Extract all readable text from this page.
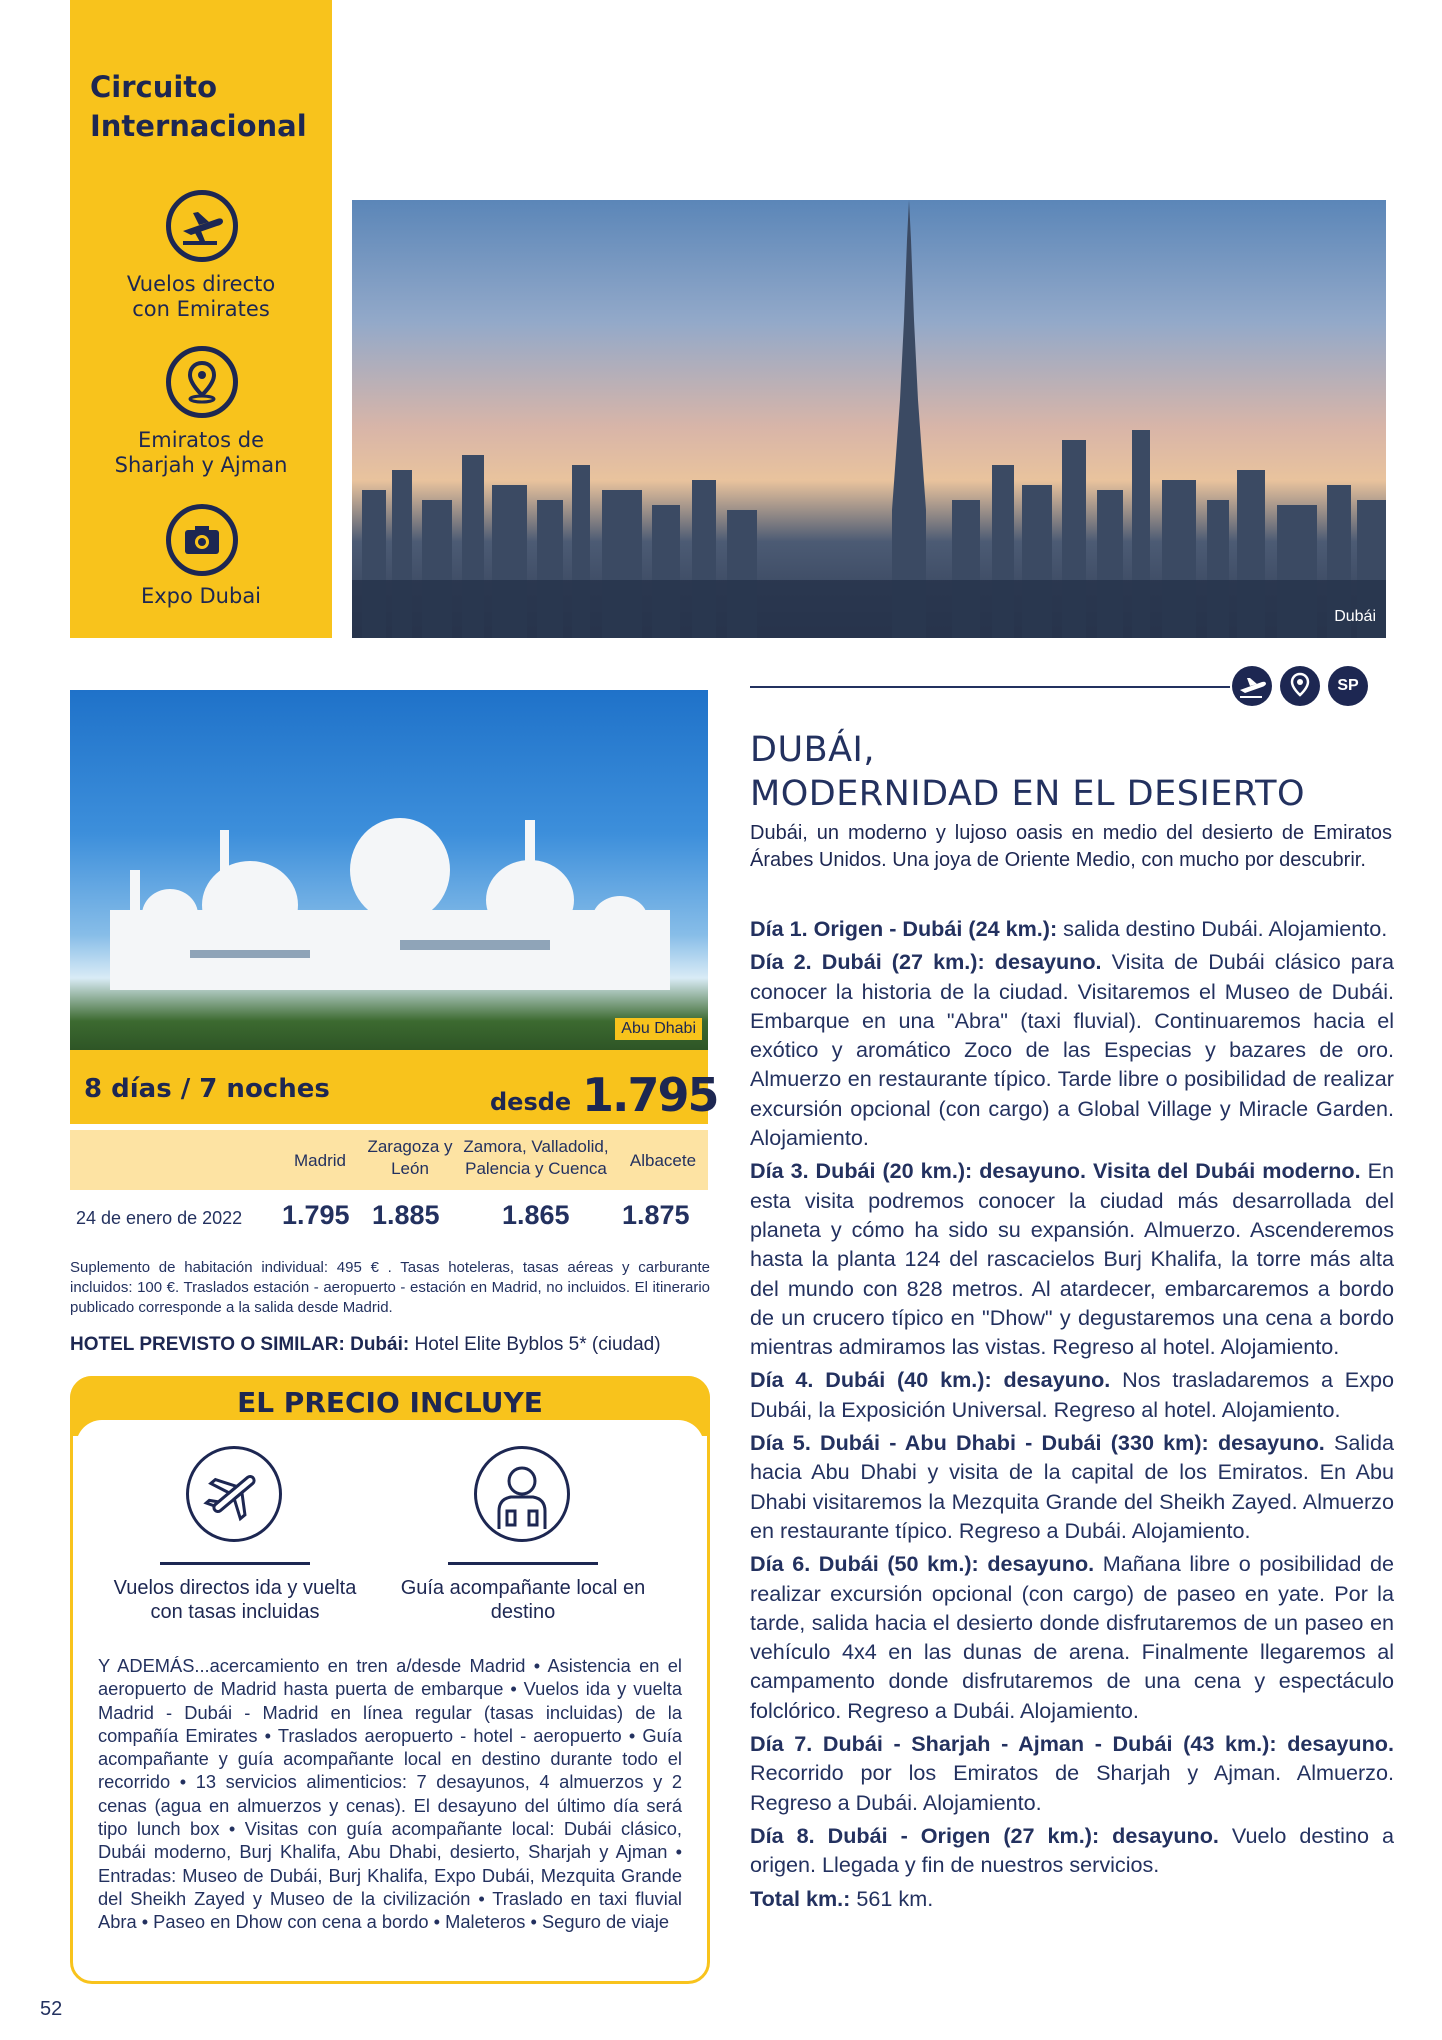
Circuito
Internacional
Vuelos directo
con Emirates
Emiratos de
Sharjah y Ajman
Expo Dubai
Dubái
Abu Dhabi
8 días / 7 noches	desde 1.795
Madrid
Zaragoza y
León
Zamora, Valladolid,
Palencia y Cuenca	Albacete
24 de enero de 2022 1.795 1.885 1.865 1.875
Suplemento de habitación individual: 495 € . Tasas hoteleras, tasas aéreas y carburante incluidos: 100 €. Traslados estación - aeropuerto - estación en Madrid, no incluidos. El itinerario publicado corresponde a la salida desde Madrid.
HOTEL PREVISTO O SIMILAR: Dubái: Hotel Elite Byblos 5* (ciudad)
EL PRECIO INCLUYE
Vuelos directos ida y vuelta
con tasas incluidas
Guía acompañante local en
destino
Y ADEMÁS...acercamiento en tren a/desde Madrid • Asistencia en el aeropuerto de Madrid hasta puerta de embarque • Vuelos ida y vuelta Madrid - Dubái - Madrid en línea regular (tasas incluidas) de la compañía Emirates • Traslados aeropuerto - hotel - aeropuerto • Guía acompañante y guía acompañante local en destino durante todo el recorrido • 13 servicios alimenticios: 7 desayunos, 4 almuerzos y 2 cenas (agua en almuerzos y cenas). El desayuno del último día será tipo lunch box • Visitas con guía acompañante local: Dubái clásico, Dubái moderno, Burj Khalifa, Abu Dhabi, desierto, Sharjah y Ajman • Entradas: Museo de Dubái, Burj Khalifa, Expo Dubái, Mezquita Grande del Sheikh Zayed y Museo de la civilización • Traslado en taxi fluvial Abra • Paseo en Dhow con cena a bordo • Maleteros • Seguro de viaje
52
SP
DUBÁI,
MODERNIDAD EN EL DESIERTO
Dubái, un moderno y lujoso oasis en medio del desierto de Emiratos Árabes Unidos. Una joya de Oriente Medio, con mucho por descubrir.
Día 1. Origen - Dubái (24 km.): salida destino Dubái. Alojamiento.
Día 2. Dubái (27 km.): desayuno. Visita de Dubái clásico para conocer la historia de la ciudad. Visitaremos el Museo de Dubái. Embarque en una "Abra" (taxi fluvial). Continuaremos hacia el exótico y aromático Zoco de las Especias y bazares de oro. Almuerzo en restaurante típico. Tarde libre o posibilidad de realizar excursión opcional (con cargo) a Global Village y Miracle Garden. Alojamiento.
Día 3. Dubái (20 km.): desayuno. Visita del Dubái moderno. En esta visita podremos conocer la ciudad más desarrollada del planeta y cómo ha sido su expansión. Almuerzo. Ascenderemos hasta la planta 124 del rascacielos Burj Khalifa, la torre más alta del mundo con 828 metros. Al atardecer, embarcaremos a bordo de un crucero típico en "Dhow" y degustaremos una cena a bordo mientras admiramos las vistas. Regreso al hotel. Alojamiento.
Día 4. Dubái (40 km.): desayuno. Nos trasladaremos a Expo Dubái, la Exposición Universal. Regreso al hotel. Alojamiento.
Día 5. Dubái - Abu Dhabi - Dubái (330 km): desayuno. Salida hacia Abu Dhabi y visita de la capital de los Emiratos. En Abu Dhabi visitaremos la Mezquita Grande del Sheikh Zayed. Almuerzo en restaurante típico. Regreso a Dubái. Alojamiento.
Día 6. Dubái (50 km.): desayuno. Mañana libre o posibilidad de realizar excursión opcional (con cargo) de paseo en yate. Por la tarde, salida hacia el desierto donde disfrutaremos de un paseo en vehículo 4x4 en las dunas de arena. Finalmente llegaremos al campamento donde disfrutaremos de una cena y espectáculo folclórico. Regreso a Dubái. Alojamiento.
Día 7. Dubái - Sharjah - Ajman - Dubái (43 km.): desayuno. Recorrido por los Emiratos de Sharjah y Ajman. Almuerzo. Regreso a Dubái. Alojamiento.
Día 8. Dubái - Origen (27 km.): desayuno. Vuelo destino a origen. Llegada y fin de nuestros servicios.
Total km.: 561 km.
